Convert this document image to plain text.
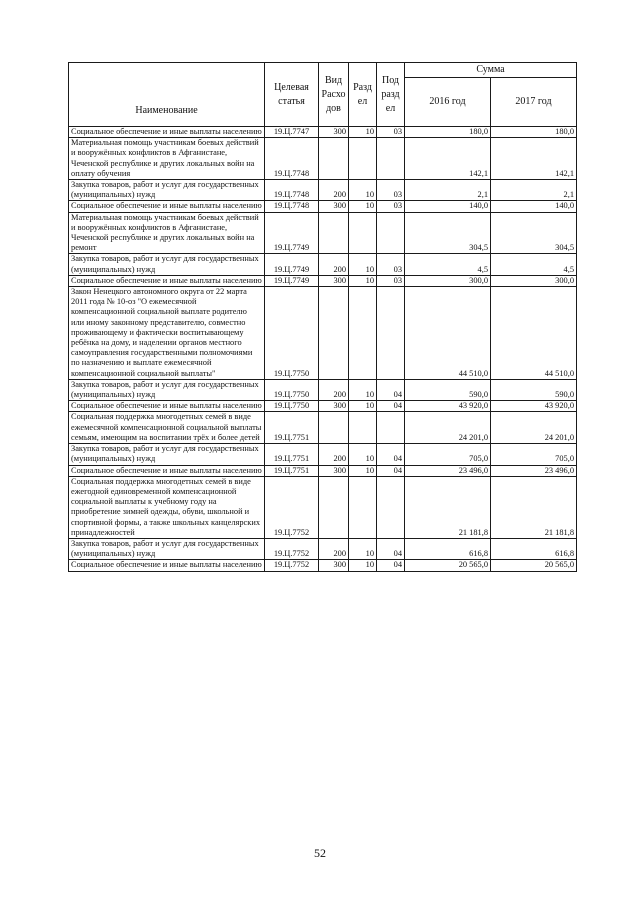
Наименование	Целевая статья	Вид Расхо дов	Разд ел	Под разд ел	Сумма	
					2016 год	2017 год
Социальное обеспечение и иные выплаты населению	19.Ц.7747	300	10	03	180,0	180,0
Материальная помощь участникам боевых действий и вооружённых конфликтов в Афганистане, Чеченской республике и других локальных войн на оплату обучения	19.Ц.7748				142,1	142,1
Закупка товаров, работ и услуг для государственных (муниципальных) нужд	19.Ц.7748	200	10	03	2,1	2,1
Социальное обеспечение и иные выплаты населению	19.Ц.7748	300	10	03	140,0	140,0
Материальная помощь участникам боевых действий и вооружённых конфликтов в Афганистане, Чеченской республике и других локальных войн на ремонт	19.Ц.7749				304,5	304,5
Закупка товаров, работ и услуг для государственных (муниципальных) нужд	19.Ц.7749	200	10	03	4,5	4,5
Социальное обеспечение и иные выплаты населению	19.Ц.7749	300	10	03	300,0	300,0
Закон Ненецкого автономного округа от 22 марта 2011 года № 10-оз "О ежемесячной компенсационной социальной выплате родителю или иному законному представителю, совместно проживающему и фактически воспитывающему ребёнка на дому, и наделении органов местного самоуправления государственными полномочиями по назначению и выплате ежемесячной компенсационной социальной выплаты"	19.Ц.7750				44 510,0	44 510,0
Закупка товаров, работ и услуг для государственных (муниципальных) нужд	19.Ц.7750	200	10	04	590,0	590,0
Социальное обеспечение и иные выплаты населению	19.Ц.7750	300	10	04	43 920,0	43 920,0
Социальная поддержка многодетных семей в виде ежемесячной компенсационной социальной выплаты семьям, имеющим на воспитании трёх и более детей	19.Ц.7751				24 201,0	24 201,0
Закупка товаров, работ и услуг для государственных (муниципальных) нужд	19.Ц.7751	200	10	04	705,0	705,0
Социальное обеспечение и иные выплаты населению	19.Ц.7751	300	10	04	23 496,0	23 496,0
Социальная поддержка многодетных семей в виде ежегодной единовременной компенсационной социальной выплаты к учебному году на приобретение зимней одежды, обуви, школьной и спортивной формы, а также школьных канцелярских принадлежностей	19.Ц.7752				21 181,8	21 181,8
Закупка товаров, работ и услуг для государственных (муниципальных) нужд	19.Ц.7752	200	10	04	616,8	616,8
Социальное обеспечение и иные выплаты населению	19.Ц.7752	300	10	04	20 565,0	20 565,0
52
